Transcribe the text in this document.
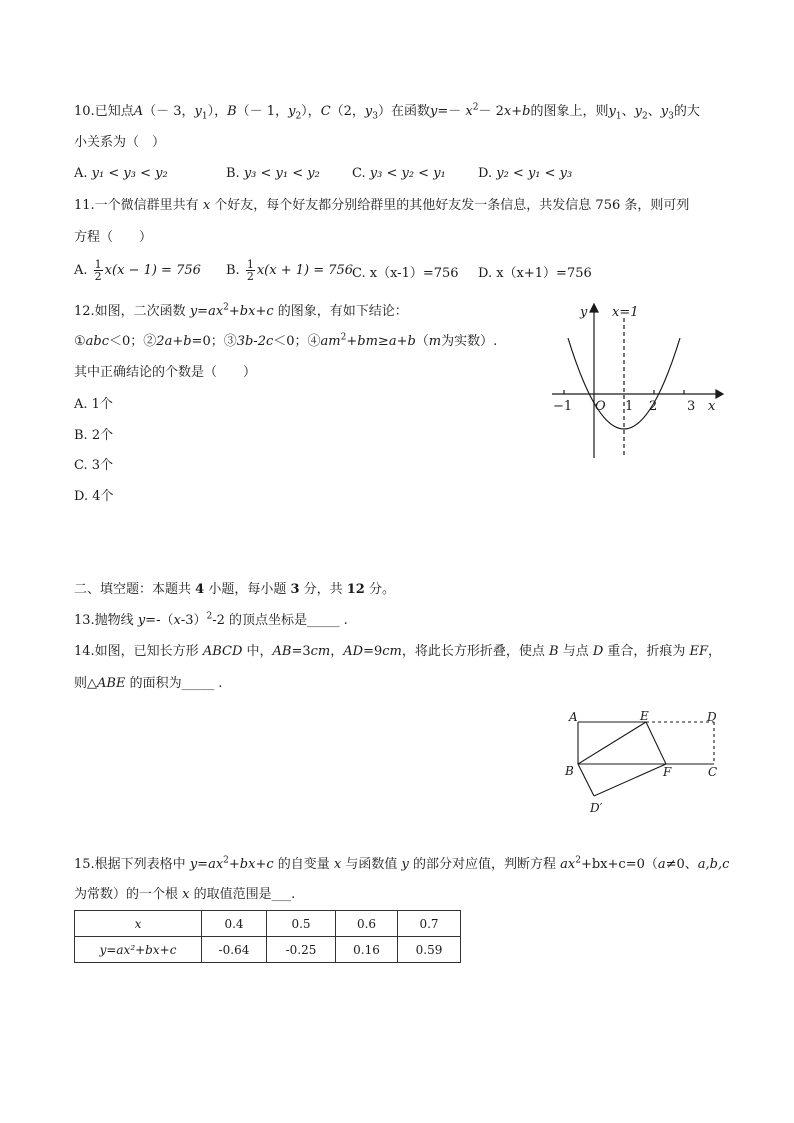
10.已知点A（－ 3，$y_1$），B（－ 1，$y_2$），C（2，$y_3$）在函数$y=- x^2- 2x+b$的图象上，则$y_1$、$y_2$、$y_3$的大
小关系为（　）
A. y₁ < y₃ < y₂	B. y₃ < y₁ < y₂ C. y₃ < y₂ < y₁ D. y₂ < y₁ < y₃
11.一个微信群里共有 x 个好友，每个好友都分别给群里的其他好友发一条信息，共发信息 756 条，则可列
方程（　　）
A. $\frac{1}{2} x(x - 1) = 756$ B. $\frac{1}{2} x(x + 1) = 756$
C. x（x-1）=756 D. x（x+1）=756
12.如图，二次函数 $y=ax^2+bx+c$ 的图象，有如下结论：
①abc＜0；②2a+b=0；③3b-2c＜0；$④am^2+bm\ge a+b(m$为实数）.
其中正确结论的个数是（　　）
A. 1个
B. 2个
C. 3个
D. 4个
y x=1
O
−1	1 2 3 x
二、填空题：本题共 4 小题，每小题 3 分，共 12 分。
13.抛物线 $y=-(x-3)^2-2$ 的顶点坐标是_____ .
14.如图，已知长方形 ABCD 中，AB=3cm，AD=9cm，将此长方形折叠，使点 B 与点 D 重合，折痕为 EF，
则△ABE 的面积为_____ .
A	E	D
B	F	C
D′
15.根据下列表格中 $y=ax^2+bx+c$ 的自变量 x 与函数值 y 的部分对应值，判断方程 $ax^2+bx+c=0(a\ne 0$、a,b,c
为常数）的一个根 x 的取值范围是___.
x	0.4	0.5	0.6	0.7
y=ax²+bx+c	-0.64	-0.25	0.16	0.59
